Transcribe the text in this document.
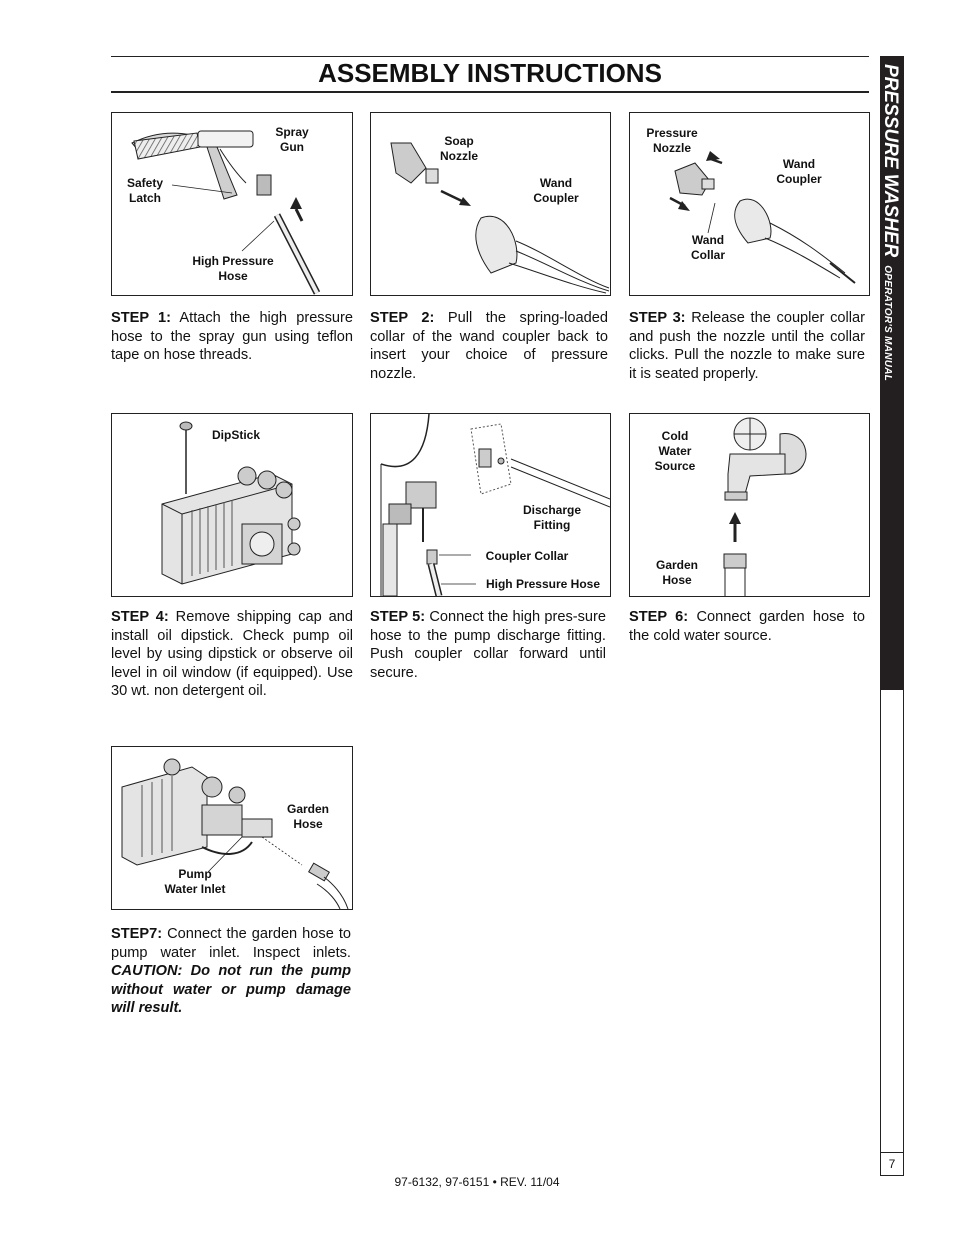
ASSEMBLY INSTRUCTIONS	PRESSURE WASHEROPERATOR'S MANUAL
7
Spray
Gun
Safety
Latch
High Pressure
Hose
STEP 1: Attach the high pressure hose to the spray gun using teflon tape on hose threads.
Soap
Nozzle
Wand
Coupler
STEP 2: Pull the spring-loaded collar of the wand coupler back to insert your choice of pressure nozzle.
Pressure
Nozzle
Wand
Coupler
Wand
Collar
STEP 3: Release the coupler collar and push the nozzle until the collar clicks. Pull the nozzle to make sure it is seated properly.
DipStick
STEP 4: Remove shipping cap and install oil dipstick. Check pump oil level by using dipstick or observe oil level in oil window (if equipped). Use 30 wt. non detergent oil.
Discharge
Fitting
Coupler Collar
High Pressure Hose
STEP 5: Connect the high pres-sure hose to the pump discharge fitting. Push coupler collar forward until secure.
Cold
Water
Source
Garden
Hose
STEP 6: Connect garden hose to the cold water source.
Garden
Hose
Pump
Water Inlet
STEP7: Connect the garden hose to pump water inlet. Inspect inlets. CAUTION: Do not run the pump without water or pump damage will result.
97-6132, 97-6151 • REV. 11/04
